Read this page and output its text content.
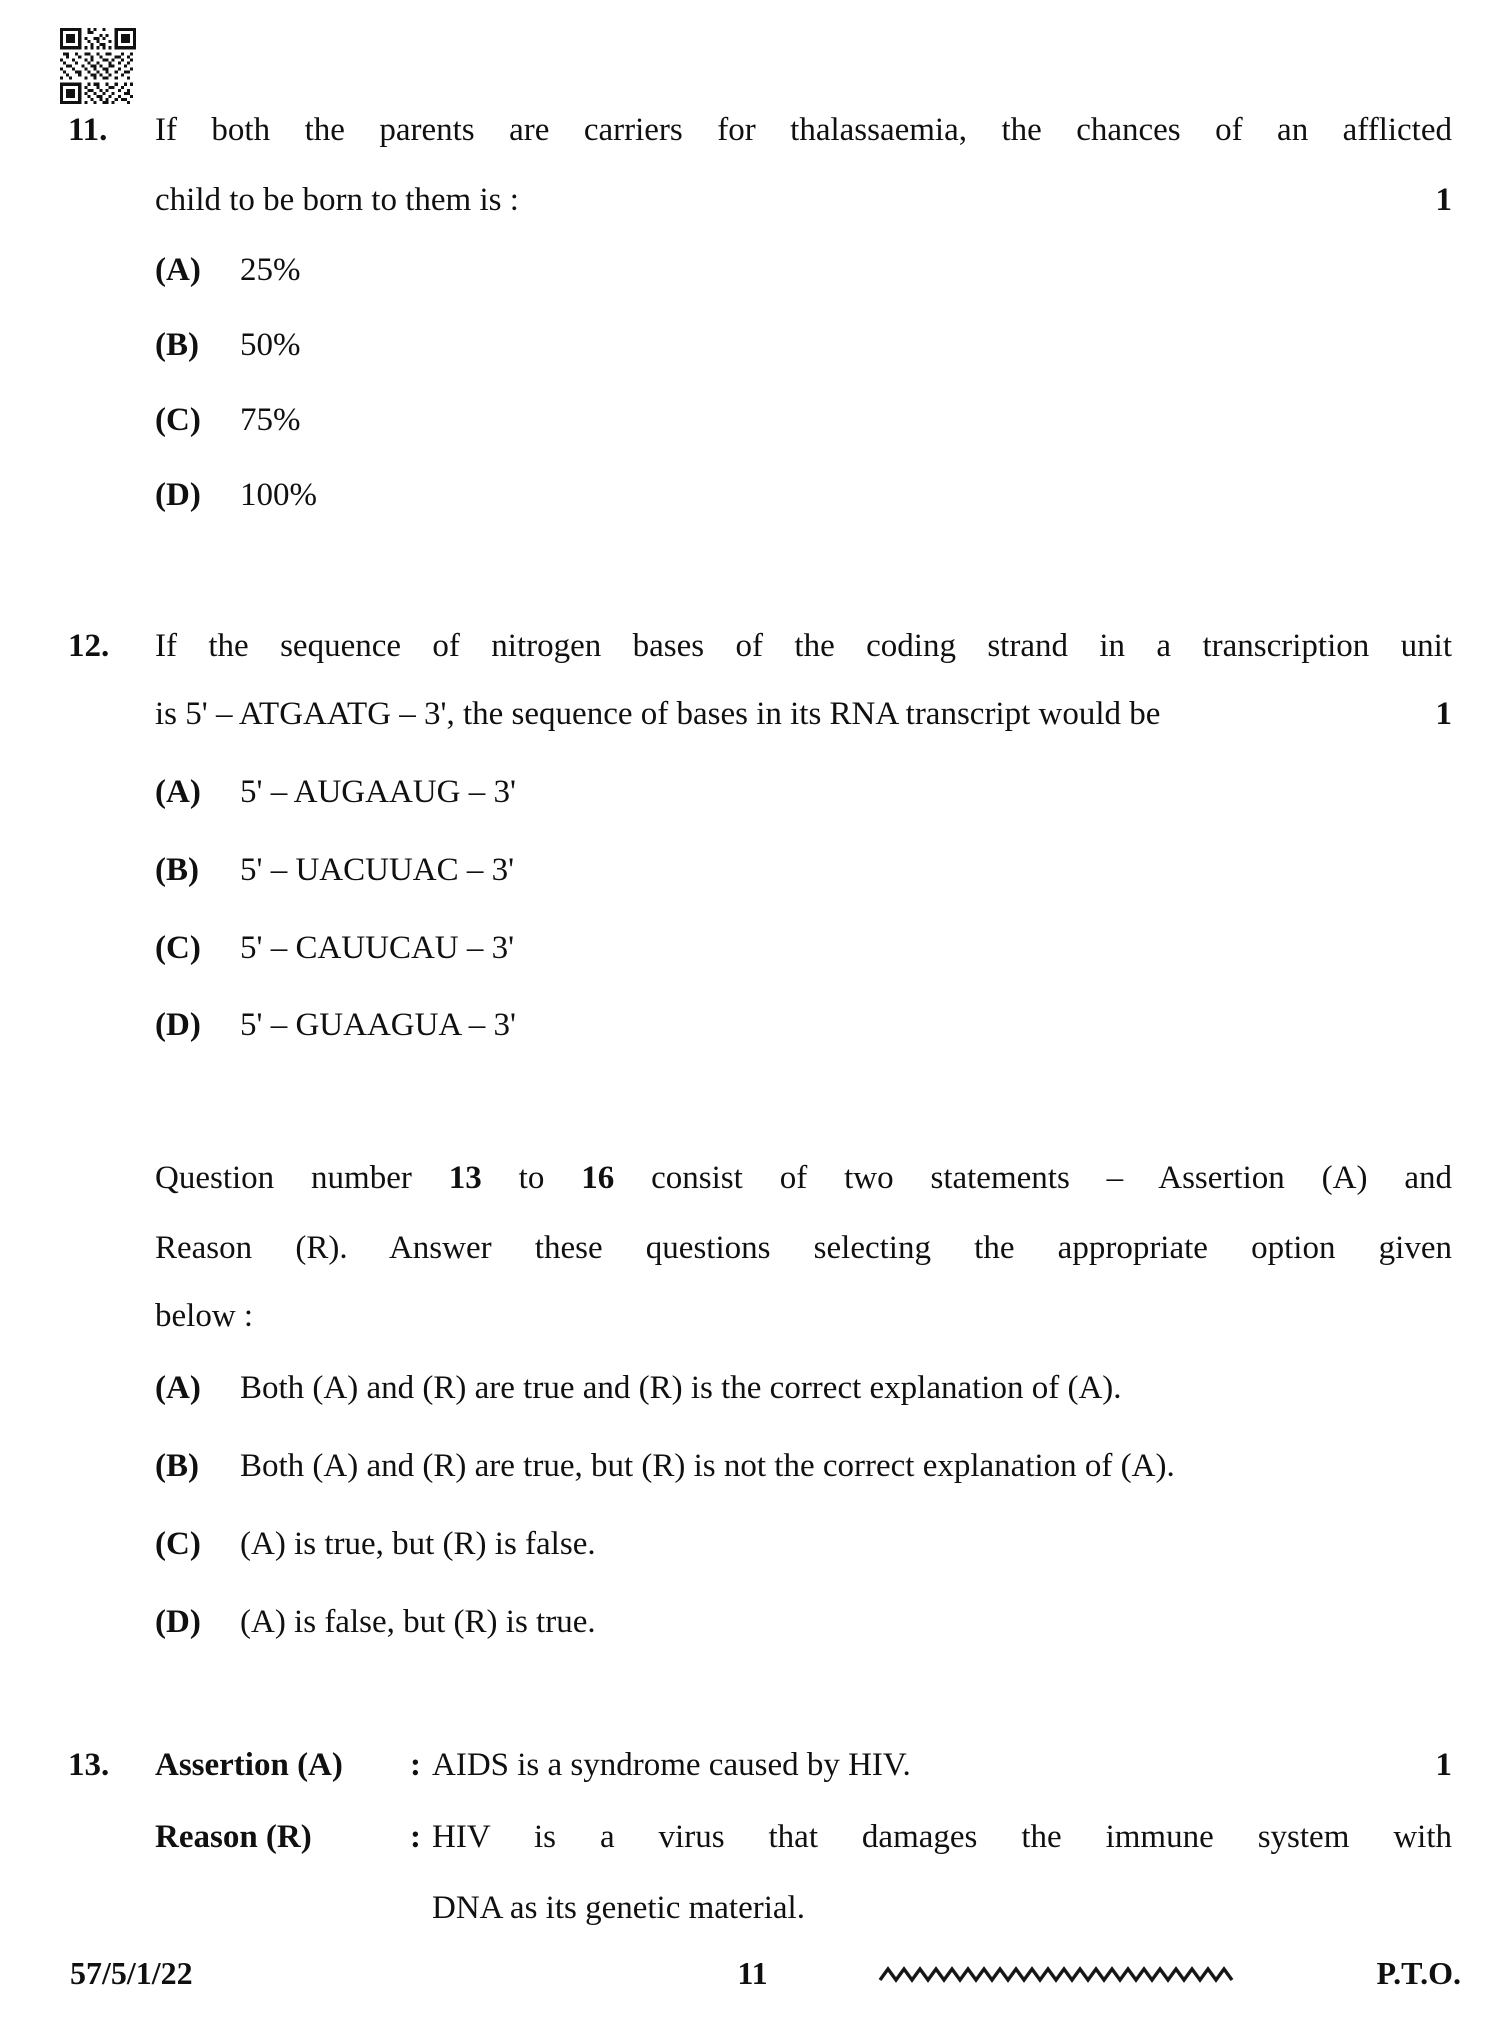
11. If both the parents are carriers for thalassaemia, the chances of an afflicted
child to be born to them is :	1
(A) 25%
(B) 50%
(C) 75%
(D) 100%
12. If the sequence of nitrogen bases of the coding strand in a transcription unit
is 5' – ATGAATG – 3', the sequence of bases in its RNA transcript would be	1
(A) 5' – AUGAAUG – 3'
(B) 5' – UACUUAC – 3'
(C) 5' – CAUUCAU – 3'
(D) 5' – GUAAGUA – 3'
Question number 13 to 16 consist of two statements – Assertion (A) and
Reason (R). Answer these questions selecting the appropriate option given
below :
(A) Both (A) and (R) are true and (R) is the correct explanation of (A).
(B) Both (A) and (R) are true, but (R) is not the correct explanation of (A).
(C) (A) is true, but (R) is false.
(D) (A) is false, but (R) is true.
13. Assertion (A) : AIDS is a syndrome caused by HIV.	1
Reason (R)	: HIV is a virus that damages the immune system with
DNA as its genetic material.
57/5/1/22	11	P.T.O.
